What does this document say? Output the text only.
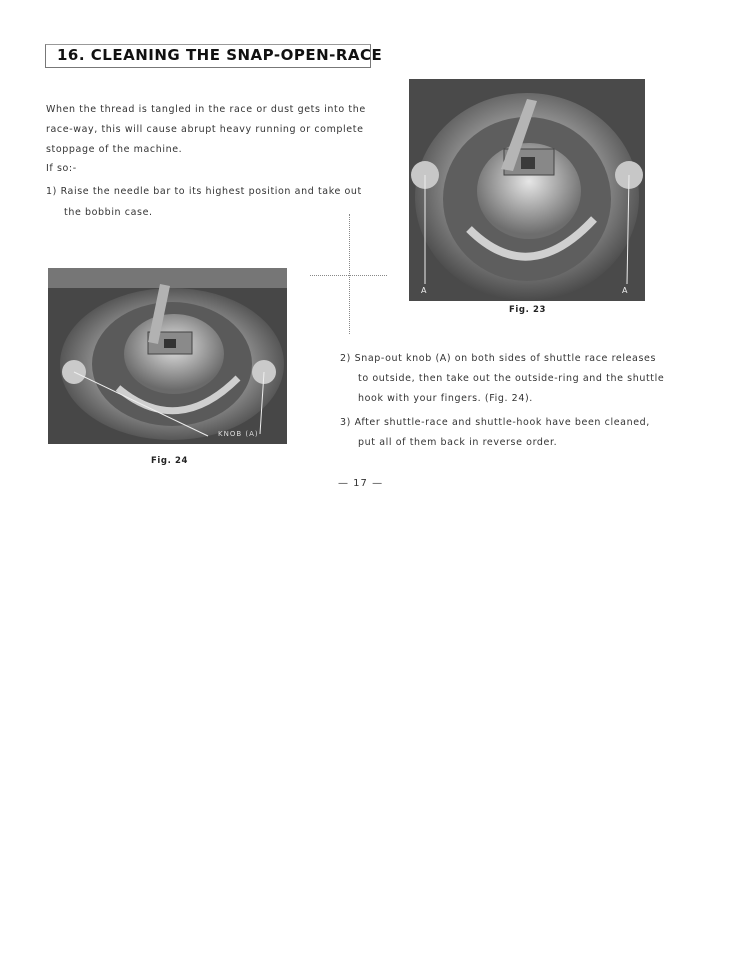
16. CLEANING THE SNAP-OPEN-RACE
When the thread is tangled in the race or dust gets into the
race-way, this will cause abrupt heavy running or complete
stoppage of the machine.
If so:-
1) Raise the needle bar to its highest position and take out
the bobbin case.
A	A
Fig. 23
KNOB (A)
Fig. 24
2) Snap-out knob (A) on both sides of shuttle race releases
to outside, then take out the outside-ring and the shuttle
hook with your fingers. (Fig. 24).
3) After shuttle-race and shuttle-hook have been cleaned,
put all of them back in reverse order.
— 17 —
